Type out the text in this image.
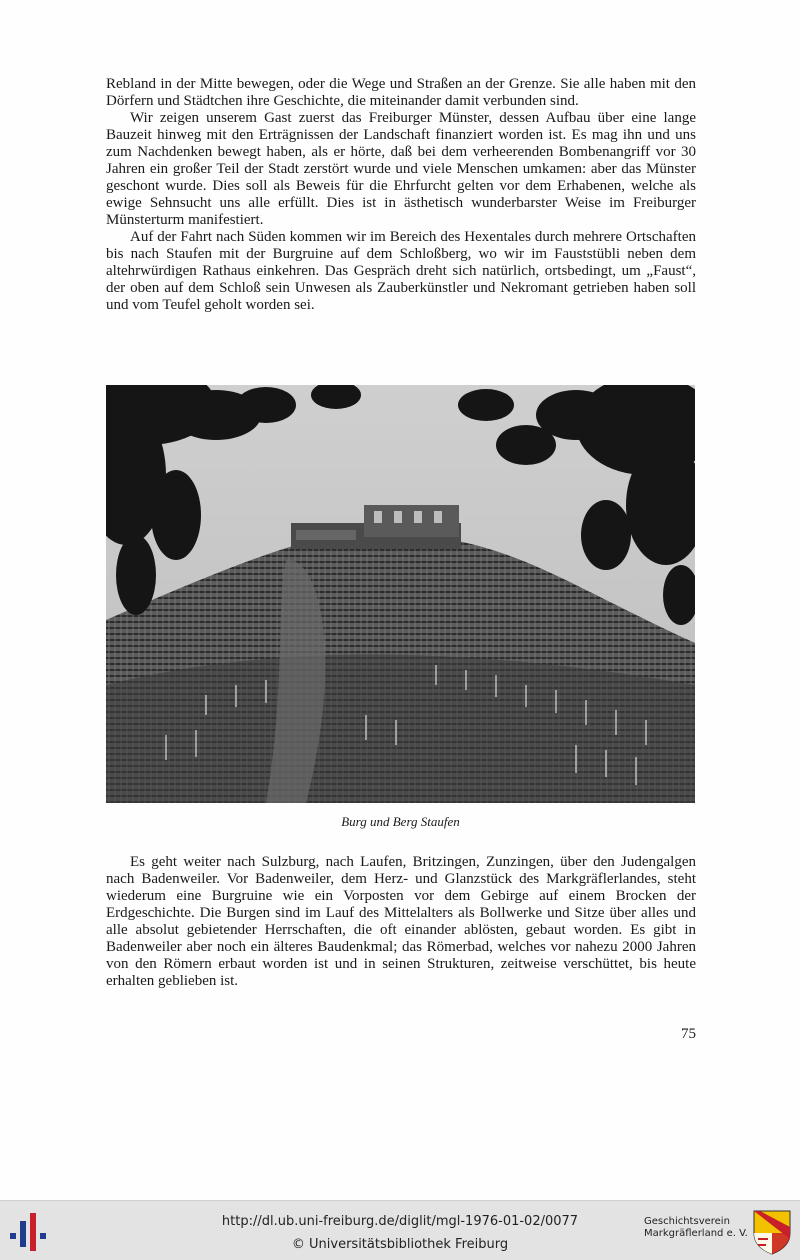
Rebland in der Mitte bewegen, oder die Wege und Straßen an der Grenze. Sie alle haben mit den Dörfern und Städtchen ihre Geschichte, die miteinander damit verbunden sind.

Wir zeigen unserem Gast zuerst das Freiburger Münster, dessen Aufbau über eine lange Bauzeit hinweg mit den Erträgnissen der Landschaft finanziert worden ist. Es mag ihn und uns zum Nachdenken bewegt haben, als er hörte, daß bei dem verheerenden Bombenangriff vor 30 Jahren ein großer Teil der Stadt zerstört wurde und viele Menschen umkamen: aber das Münster geschont wurde. Dies soll als Beweis für die Ehrfurcht gelten vor dem Erhabenen, welche als ewige Sehnsucht uns alle erfüllt. Dies ist in ästhetisch wunderbarster Weise im Freiburger Münsterturm manifestiert.

Auf der Fahrt nach Süden kommen wir im Bereich des Hexentales durch mehrere Ortschaften bis nach Staufen mit der Burgruine auf dem Schloßberg, wo wir im Fauststübli neben dem altehrwürdigen Rathaus einkehren. Das Gespräch dreht sich natürlich, ortsbedingt, um „Faust“, der oben auf dem Schloß sein Unwesen als Zauberkünstler und Nekromant getrieben haben soll und vom Teufel geholt worden sei.

Burg und Berg Staufen

Es geht weiter nach Sulzburg, nach Laufen, Britzingen, Zunzingen, über den Judengalgen nach Badenweiler. Vor Badenweiler, dem Herz- und Glanzstück des Markgräflerlandes, steht wiederum eine Burgruine wie ein Vorposten vor dem Gebirge auf einem Brocken der Erdgeschichte. Die Burgen sind im Lauf des Mittelalters als Bollwerke und Sitze über alles und alle absolut gebietender Herrschaften, die oft einander ablösten, gebaut worden. Es gibt in Badenweiler aber noch ein älteres Baudenkmal; das Römerbad, welches vor nahezu 2000 Jahren von den Römern erbaut worden ist und in seinen Strukturen, zeitweise verschüttet, bis heute erhalten geblieben ist.

75
http://dl.ub.uni-freiburg.de/diglit/mgl-1976-01-02/0077
© Universitätsbibliothek Freiburg
Geschichtsverein
Markgräflerland e. V.
